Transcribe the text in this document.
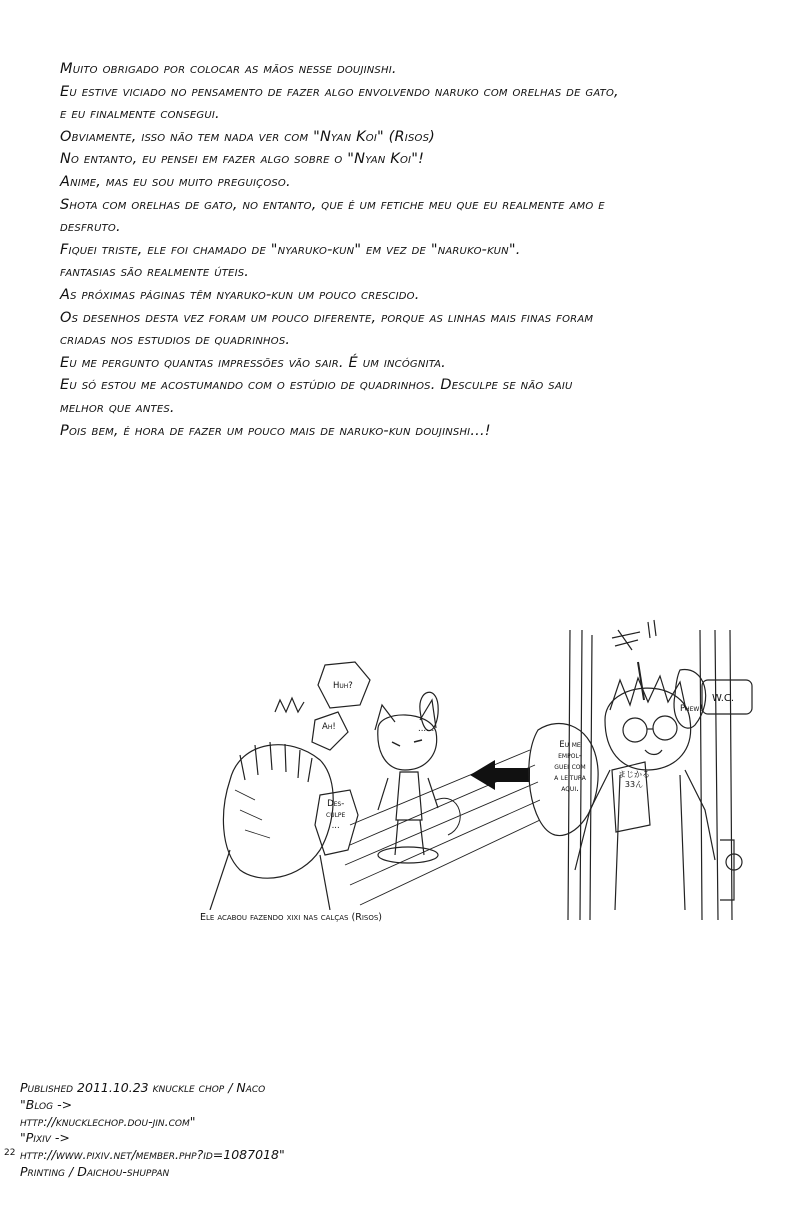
Muito obrigado por colocar as mãos nesse doujinshi.
Eu estive viciado no pensamento de fazer algo envolvendo naruko com orelhas de gato,
e eu finalmente consegui.
Obviamente, isso não tem nada ver com "Nyan Koi" (Risos)
No entanto, eu pensei em fazer algo sobre o "Nyan Koi"!
Anime, mas eu sou muito preguiçoso.
Shota com orelhas de gato, no entanto, que é um fetiche meu que eu realmente amo e
desfruto.
Fiquei triste, ele foi chamado de "nyaruko-kun" em vez de "naruko-kun".
fantasias são realmente úteis.
As próximas páginas têm nyaruko-kun um pouco crescido.
Os desenhos desta vez foram um pouco diferente, porque as linhas mais finas foram
criadas nos estudios de quadrinhos.
Eu me pergunto quantas impressões vão sair. É um incógnita.
Eu só estou me acostumando com o estúdio de quadrinhos. Desculpe se não saiu
melhor que antes.
Pois bem, é hora de fazer um pouco mais de naruko-kun doujinshi...!
Huh?
Ah!	......
Des-
culpe
...
Ele acabou fazendo xixi nas calças (Risos)
W.C.
Phew!
Eu me
empol-
guei com
a leitura
aqui.
まじかる
33ん
Published 2011.10.23 knuckle chop / Naco
"Blog ->
http://knucklechop.dou-jin.com"
"Pixiv ->
http://www.pixiv.net/member.php?id=1087018"
Printing / Daichou-shuppan
22
